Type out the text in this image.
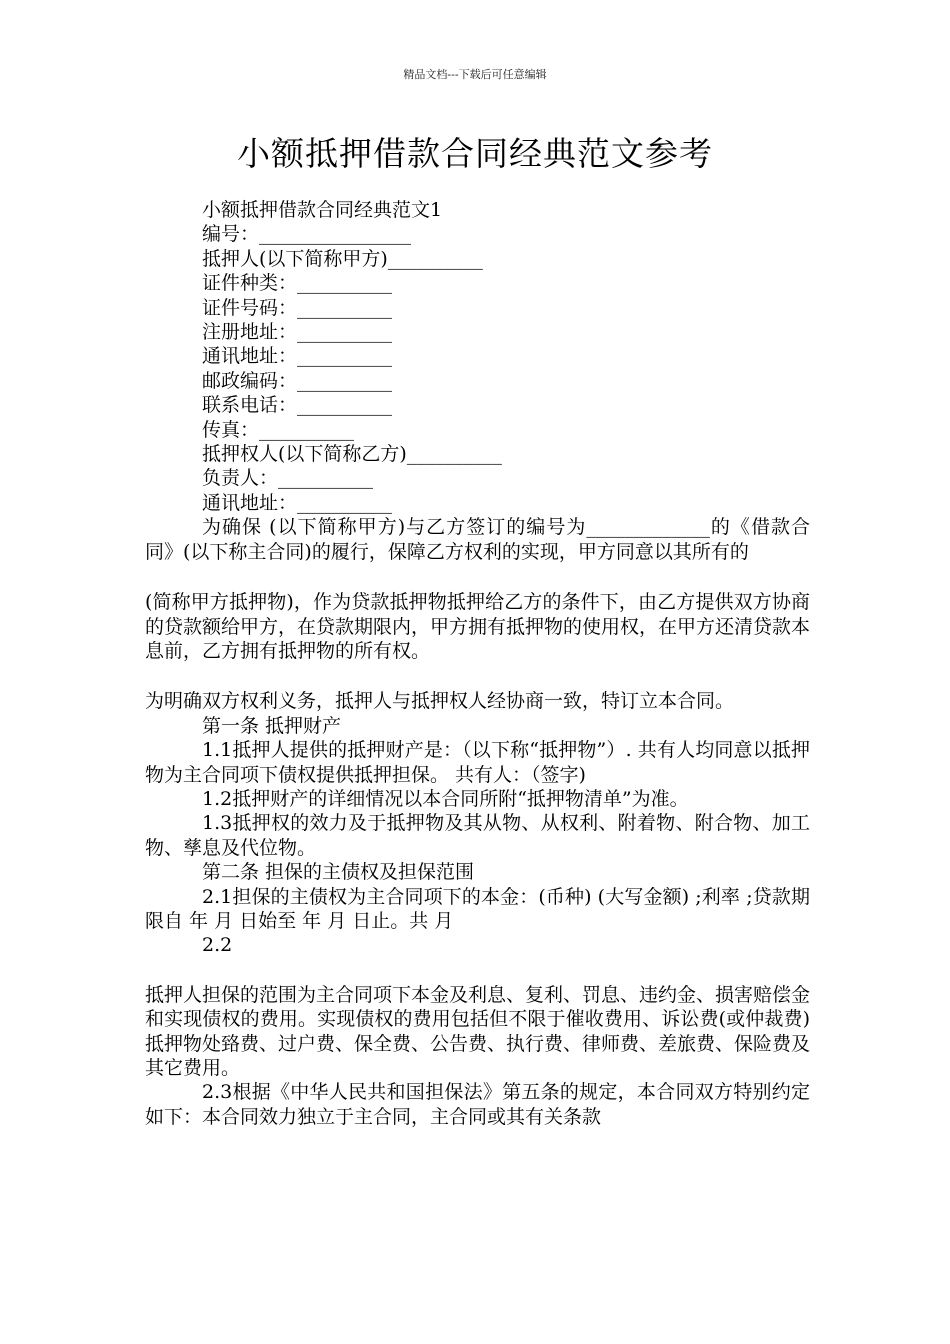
精品文档---下载后可任意编辑
小额抵押借款合同经典范文参考
小额抵押借款合同经典范文1
编号：________________
抵押人(以下简称甲方)__________
证件种类：__________
证件号码：__________
注册地址：__________
通讯地址：__________
邮政编码：__________
联系电话：__________
传真：__________
抵押权人(以下简称乙方)__________
负责人：__________
通讯地址：__________
为确保 (以下简称甲方)与乙方签订的编号为_____________的《借款合同》(以下称主合同)的履行，保障乙方权利的实现，甲方同意以其所有的
(简称甲方抵押物)，作为贷款抵押物抵押给乙方的条件下，由乙方提供双方协商的贷款额给甲方，在贷款期限内，甲方拥有抵押物的使用权，在甲方还清贷款本息前，乙方拥有抵押物的所有权。
为明确双方权利义务，抵押人与抵押权人经协商一致，特订立本合同。
第一条 抵押财产
1.1抵押人提供的抵押财产是：（以下称“抵押物”）. 共有人均同意以抵押物为主合同项下债权提供抵押担保。 共有人：（签字)
1.2抵押财产的详细情况以本合同所附“抵押物清单”为准。
1.3抵押权的效力及于抵押物及其从物、从权利、附着物、附合物、加工物、孳息及代位物。
第二条 担保的主债权及担保范围
2.1担保的主债权为主合同项下的本金：(币种) (大写金额) ;利率 ;贷款期限自 年 月 日始至 年 月 日止。共 月
2.2
抵押人担保的范围为主合同项下本金及利息、复利、罚息、违约金、损害赔偿金和实现债权的费用。实现债权的费用包括但不限于催收费用、诉讼费(或仲裁费)抵押物处臵费、过户费、保全费、公告费、执行费、律师费、差旅费、保险费及其它费用。
2.3根据《中华人民共和国担保法》第五条的规定，本合同双方特别约定如下：本合同效力独立于主合同，主合同或其有关条款
